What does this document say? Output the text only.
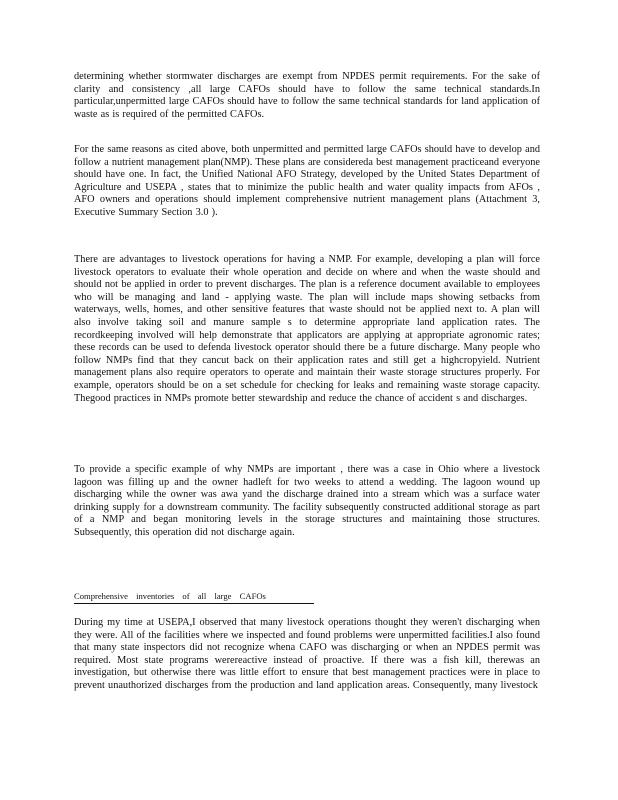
determining whether stormwater discharges are exempt from NPDES permit requirements. For the sake of clarity and consistency ,all large CAFOs should have to follow the same technical standards.In particular,unpermitted large CAFOs should have to follow the same technical standards for land application of waste as is required of the permitted CAFOs.

For the same reasons as cited above, both unpermitted and permitted large CAFOs should have to develop and follow a nutrient management plan(NMP). These plans are considereda best management practiceand everyone should have one. In fact, the Unified National AFO Strategy, developed by the United States Department of Agriculture and USEPA , states that to minimize the public health and water quality impacts from AFOs , AFO owners and operations should implement comprehensive nutrient management plans (Attachment 3, Executive Summary Section 3.0 ).

There are advantages to livestock operations for having a NMP. For example, developing a plan will force livestock operators to evaluate their whole operation and decide on where and when the waste should and should not be applied in order to prevent discharges. The plan is a reference document available to employees who will be managing and land - applying waste. The plan will include maps showing setbacks from waterways, wells, homes, and other sensitive features that waste should not be applied next to. A plan will also involve taking soil and manure sample s to determine appropriate land application rates. The recordkeeping involved will help demonstrate that applicators are applying at appropriate agronomic rates; these records can be used to defenda livestock operator should there be a future discharge. Many people who follow NMPs find that they cancut back on their application rates and still get a highcropyield. Nutrient management plans also require operators to operate and maintain their waste storage structures properly. For example, operators should be on a set schedule for checking for leaks and remaining waste storage capacity. Thegood practices in NMPs promote better stewardship and reduce the chance of accident s and discharges.

To provide a specific example of why NMPs are important , there was a case in Ohio where a livestock lagoon was filling up and the owner hadleft for two weeks to attend a wedding. The lagoon wound up discharging while the owner was awa yand the discharge drained into a stream which was a surface water drinking supply for a downstream community. The facility subsequently constructed additional storage as part of a NMP and began monitoring levels in the storage structures and maintaining those structures. Subsequently, this operation did not discharge again.

Comprehensive inventories of all large CAFOs

During my time at USEPA,I observed that many livestock operations thought they weren't discharging when they were. All of the facilities where we inspected and found problems were unpermitted facilities.I also found that many state inspectors did not recognize whena CAFO was discharging or when an NPDES permit was required. Most state programs werereactive instead of proactive. If there was a fish kill, therewas an investigation, but otherwise there was little effort to ensure that best management practices were in place to prevent unauthorized discharges from the production and land application areas. Consequently, many livestock
